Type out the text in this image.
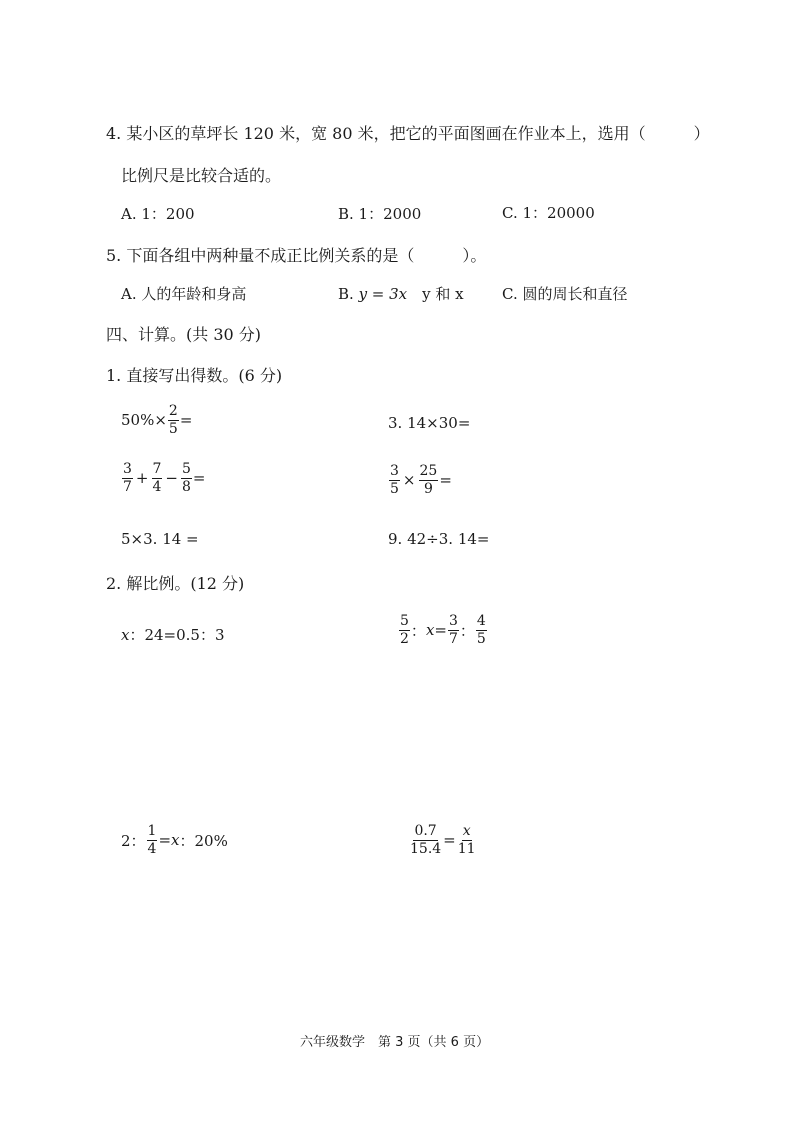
4. 某小区的草坪长 120 米，宽 80 米，把它的平面图画在作业本上，选用（　　　）
比例尺是比较合适的。
A. 1：200	B. 1：2000	C. 1：20000
5. 下面各组中两种量不成正比例关系的是（　　　）。
A. 人的年龄和身高	B. y = 3x　y 和 x	C. 圆的周长和直径
四、计算。(共 30 分)
1. 直接写出得数。(6 分)
$50\%\times \frac{2}{5}$ =	3. 14×30=
$\frac{3}{7} + \frac{7}{4} - \frac{5}{8}$ =	$\frac{3}{5} \times \frac{25}{9}$ =
5×3. 14 =	9. 42÷3. 14=
2. 解比例。(12 分)
x ：24=0.5：3	$\frac{5}{2}$ ： $x = \frac{3}{7}$ ： $\frac{4}{5}$
2： $\frac{1}{4} = x$ ：20%	$\frac{0.7}{15.4} = \frac{x}{11}$
六年级数学　第 3 页（共 6 页）
